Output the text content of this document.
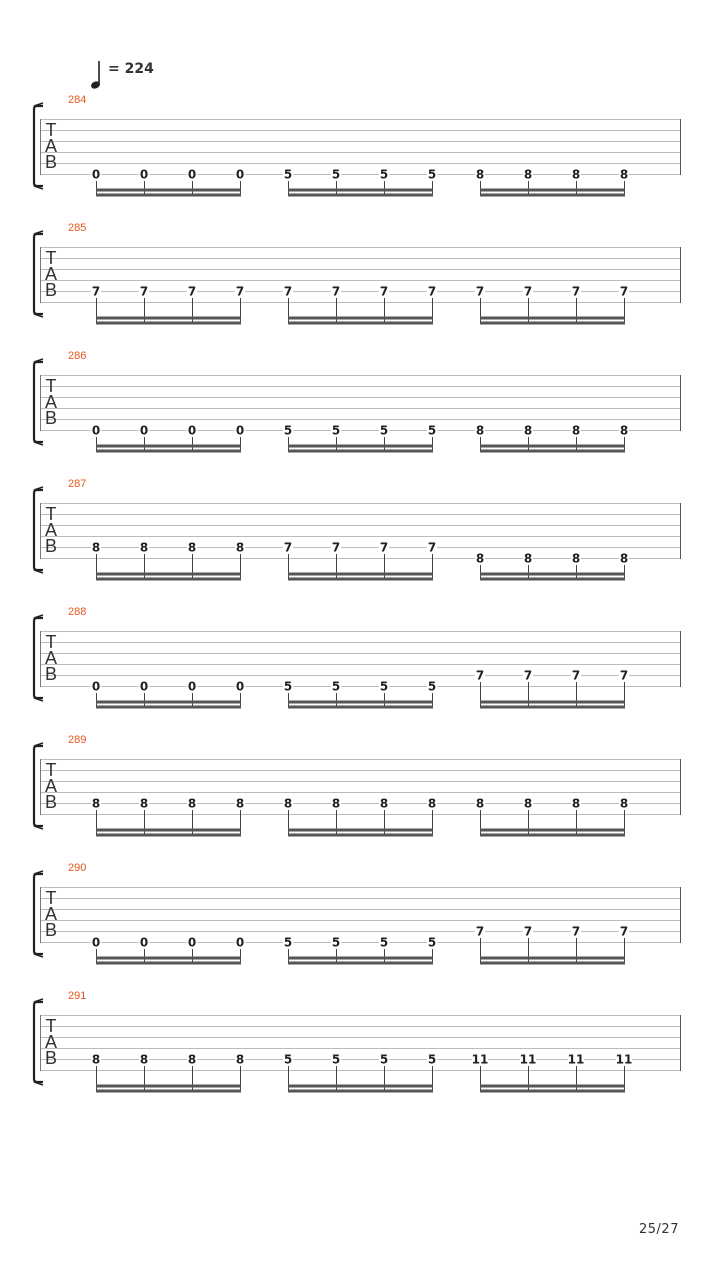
= 224
284
0	0	0	0	5	5	5	5	8	8	8	8
T
A
B
285
7	7	7	7	7	7	7	7	7	7	7	7
T
A
B
286
0	0	0	0	5	5	5	5	8	8	8	8
T
A
B
287
8	8	8	8	7	7	7	7
8	8	8	8
T
A
B
288
0	0	0	0	5	5	5	5
7	7	7	7
T
A
B
289
8	8	8	8	8	8	8	8	8	8	8	8
T
A
B
290
0	0	0	0	5	5	5	5
7	7	7	7
T
A
B
291
8	8	8	8	5	5	5	5	11	11	11	11
T
A
B
25/27
